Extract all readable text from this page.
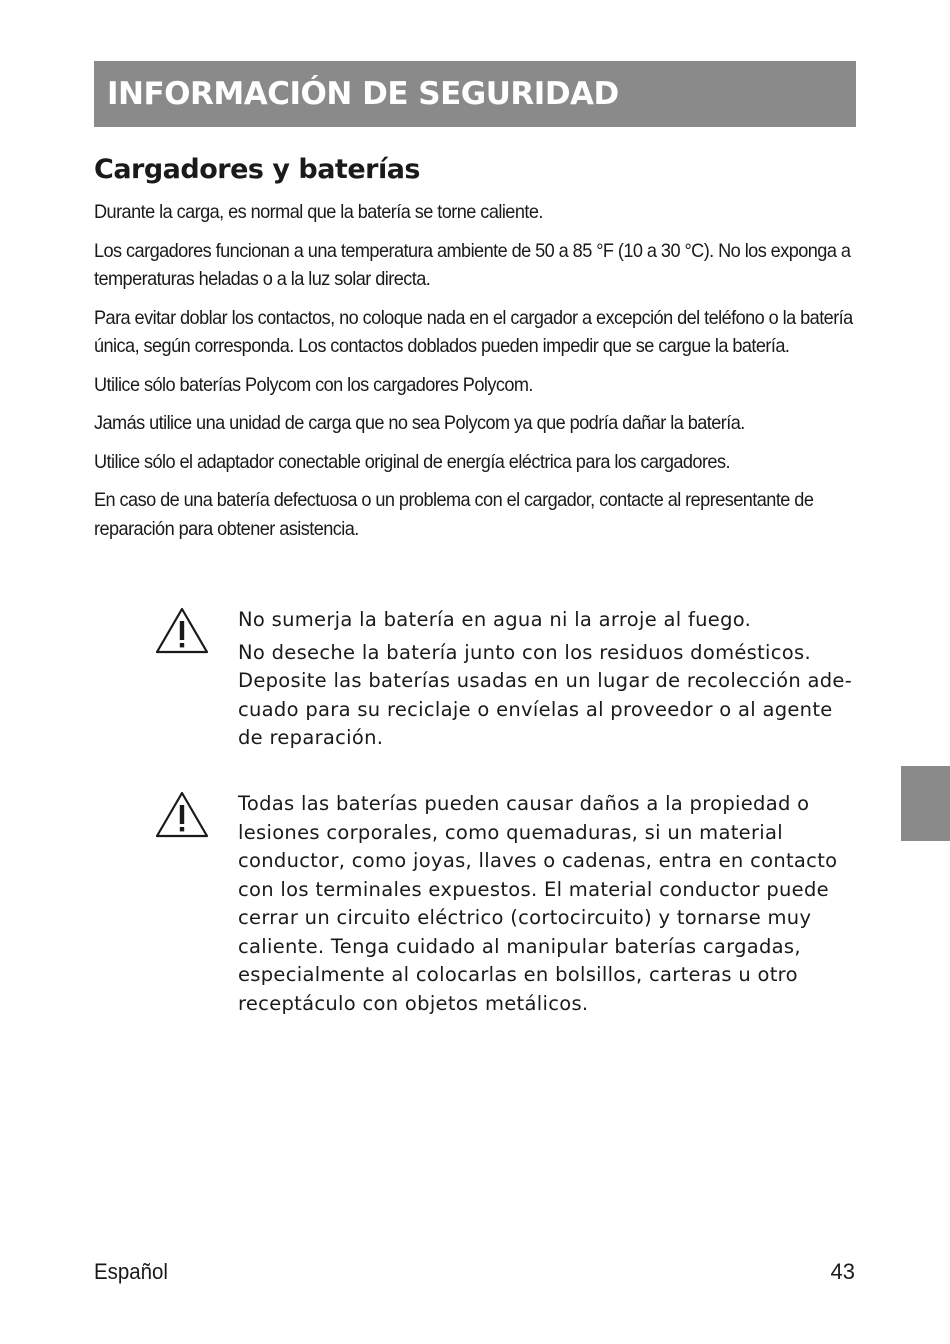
INFORMACIÓN DE SEGURIDAD
Cargadores y baterías

Durante la carga, es normal que la batería se torne caliente.

Los cargadores funcionan a una temperatura ambiente de 50 a 85 °F (10 a 30 °C). No los exponga a temperaturas heladas o a la luz solar directa.

Para evitar doblar los contactos, no coloque nada en el cargador a excepción del teléfono o la batería única, según corresponda. Los contactos doblados pueden impedir que se cargue la batería.

Utilice sólo baterías Polycom con los cargadores Polycom.

Jamás utilice una unidad de carga que no sea Polycom ya que podría dañar la batería.

Utilice sólo el adaptador conectable original de energía eléctrica para los cargadores.

En caso de una batería defectuosa o un problema con el cargador, contacte al representante de reparación para obtener asistencia.

No sumerja la batería en agua ni la arroje al fuego.

No deseche la batería junto con los residuos domésticos. Deposite las baterías usadas en un lugar de recolección ade-cuado para su reciclaje o envíelas al proveedor o al agente de reparación.

Todas las baterías pueden causar daños a la propiedad o lesiones corporales, como quemaduras, si un material conductor, como joyas, llaves o cadenas, entra en contacto con los terminales expuestos. El material conductor puede cerrar un circuito eléctrico (cortocircuito) y tornarse muy caliente. Tenga cuidado al manipular baterías cargadas, especialmente al colocarlas en bolsillos, carteras u otro receptáculo con objetos metálicos.

Español	43
